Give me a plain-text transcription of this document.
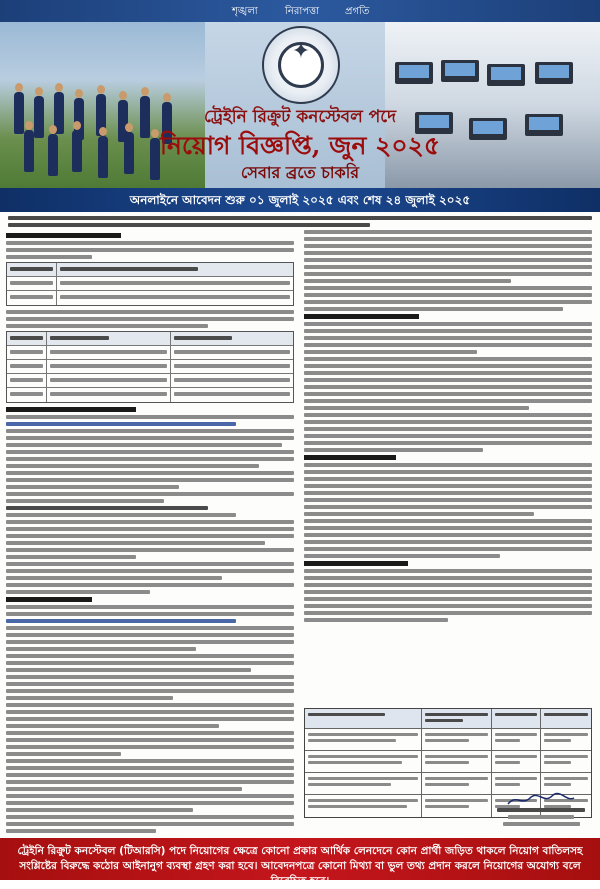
শৃঙ্খলা	নিরাপত্তা	প্রগতি
✦
ট্রেইনি রিক্রুট কনস্টেবল পদে
নিয়োগ বিজ্ঞপ্তি, জুন ২০২৫
সেবার ব্রতে চাকরি
অনলাইনে আবেদন শুরু ০১ জুলাই ২০২৫ এবং শেষ ২৪ জুলাই ২০২৫
ট্রেইনি রিক্রুট কনস্টেবল (টিআরসি) পদে নিয়োগের ক্ষেত্রে কোনো প্রকার আর্থিক লেনদেনে কোন প্রার্থী জড়িত থাকলে নিয়োগ বাতিলসহ সংশ্লিষ্টের বিরুদ্ধে কঠোর আইনানুগ ব্যবস্থা গ্রহণ করা হবে। আবেদনপত্রে কোনো মিথ্যা বা ভুল তথ্য প্রদান করলে নিয়োগের অযোগ্য বলে বিবেচিত হবে।
